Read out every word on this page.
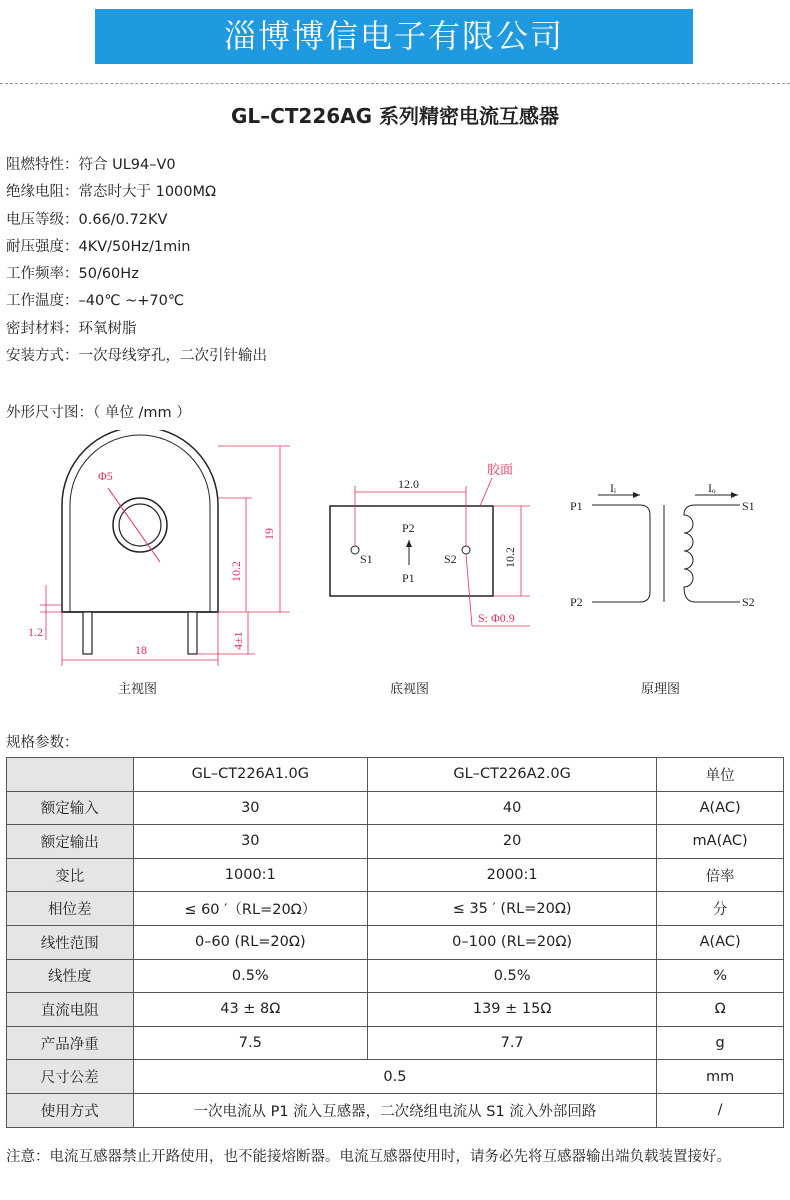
淄博博信电子有限公司
GL–CT226AG 系列精密电流互感器
阻燃特性：符合 UL94–V0
绝缘电阻：常态时大于 1000MΩ
电压等级：0.66/0.72KV
耐压强度：4KV/50Hz/1min
工作频率：50/60Hz
工作温度：–40℃ ~+70℃
密封材料：环氧树脂
安装方式：一次母线穿孔，二次引针输出
外形尺寸图：（ 单位 /mm ）
Φ5
19
10.2
4±1
1.2
18
主视图
S1	S2
P2
P1
12.0
胶面
10.2
S: Φ0.9
底视图
P1
P2
S1
S2
Iᵢ	Iₒ
原理图
规格参数：
	GL–CT226A1.0G	GL–CT226A2.0G	单位
额定输入	30	40	A(AC)
额定输出	30	20	mA(AC)
变比	1000:1	2000:1	倍率
相位差	≤ 60 ′（RL=20Ω）	≤ 35 ′ (RL=20Ω)	分
线性范围	0–60 (RL=20Ω)	0–100 (RL=20Ω)	A(AC)
线性度	0.5%	0.5%	%
直流电阻	43 ± 8Ω	139 ± 15Ω	Ω
产品净重	7.5	7.7	g
尺寸公差	0.5		mm
使用方式	一次电流从 P1 流入互感器，二次绕组电流从 S1 流入外部回路		/
注意：电流互感器禁止开路使用，也不能接熔断器。电流互感器使用时，请务必先将互感器输出端负载装置接好。
